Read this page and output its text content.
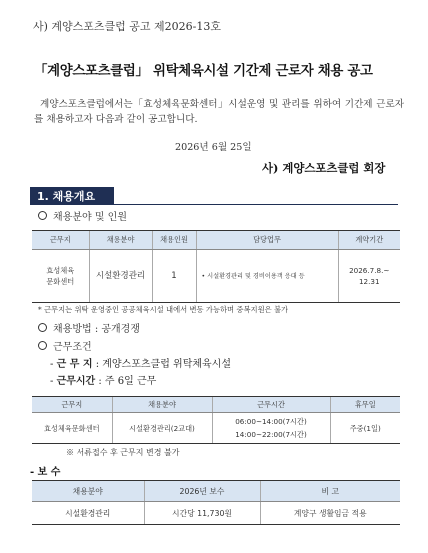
사) 계양스포츠클럽 공고 제2026-13호
「계양스포츠클럽」 위탁체육시설 기간제 근로자 채용 공고
계양스포츠클럽에서는「효성체육문화센터」시설운영 및 관리를 위하여 기간제 근로자를 채용하고자 다음과 같이 공고합니다.
2026년 6월 25일
사) 계양스포츠클럽 회장
1. 채용개요
채용분야 및 인원
근무지	채용분야	채용인원	담당업무	계약기간
효성체육
문화센터	시설환경관리	1	• 시설환경관리 및 경비이용객 응대 등	2026.7.8.~
12.31
* 근무지는 위탁 운영중인 공공체육시설 내에서 변동 가능하며 중복지원은 불가
채용방법 : 공개경쟁
근무조건
- 근 무 지 : 계양스포츠클럽 위탁체육시설
- 근무시간 : 주 6일 근무
근무지	채용분야	근무시간	휴무일
효성체육문화센터	시설환경관리(2교대)	06:00~14:00(7시간)
14:00~22:00(7시간)	주중(1일)
※ 서류접수 후 근무지 변경 불가
- 보 수
채용분야	2026년 보수	비 고
시설환경관리	시간당 11,730원	계양구 생활임금 적용
